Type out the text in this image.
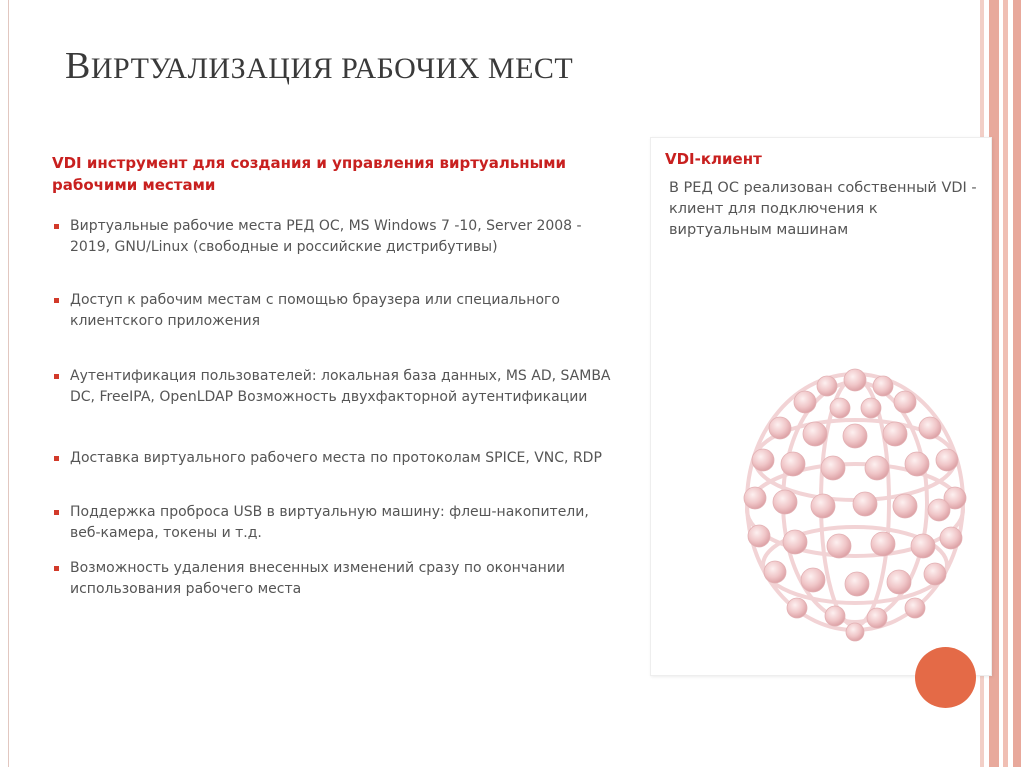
ВИРТУАЛИЗАЦИЯ РАБОЧИХ МЕСТ
VDI инструмент для создания и управления виртуальными рабочими местами
Виртуальные рабочие места РЕД ОС, MS Windows 7 -10, Server 2008 - 2019, GNU/Linux (свободные и российские дистрибутивы)
Доступ к рабочим местам с помощью браузера или специального клиентского приложения
Аутентификация пользователей: локальная база данных, MS AD, SAMBA DC, FreeIPA, OpenLDAP Возможность двухфакторной аутентификации
Доставка виртуального рабочего места по протоколам SPICE, VNC, RDP
Поддержка проброса USB в виртуальную машину: флеш-накопители, веб-камера, токены и т.д.
Возможность удаления внесенных изменений сразу по окончании использования рабочего места
VDI-клиент
В РЕД ОС реализован собственный VDI - клиент для подключения к виртуальным машинам
